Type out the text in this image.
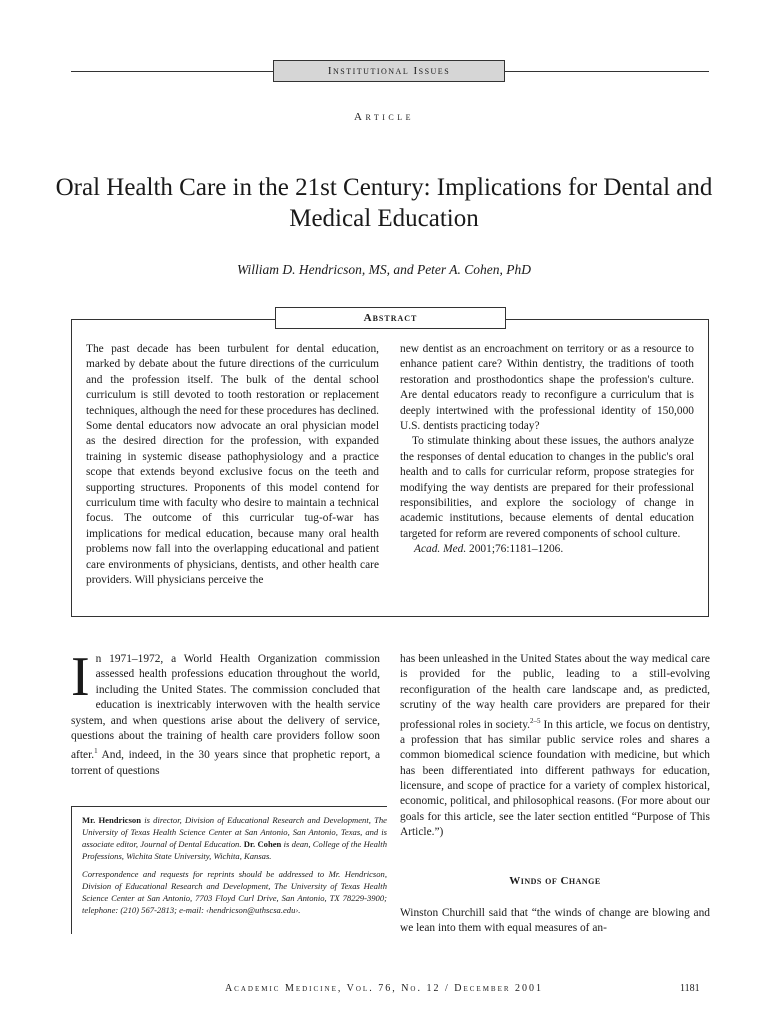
Institutional Issues
Article
Oral Health Care in the 21st Century: Implications for Dental and Medical Education
William D. Hendricson, MS, and Peter A. Cohen, PhD
Abstract

The past decade has been turbulent for dental education, marked by debate about the future directions of the curriculum and the profession itself. The bulk of the dental school curriculum is still devoted to tooth restoration or replacement techniques, although the need for these procedures has declined. Some dental educators now advocate an oral physician model as the desired direction for the profession, with expanded training in systemic disease pathophysiology and a practice scope that extends beyond exclusive focus on the teeth and supporting structures. Proponents of this model contend for curriculum time with faculty who desire to maintain a technical focus. The outcome of this curricular tug-of-war has implications for medical education, because many oral health problems now fall into the overlapping educational and patient care environments of physicians, dentists, and other health care providers. Will physicians perceive the

new dentist as an encroachment on territory or as a resource to enhance patient care? Within dentistry, the traditions of tooth restoration and prosthodontics shape the profession's culture. Are dental educators ready to reconfigure a curriculum that is deeply intertwined with the professional identity of 150,000 U.S. dentists practicing today?

To stimulate thinking about these issues, the authors analyze the responses of dental education to changes in the public's oral health and to calls for curricular reform, propose strategies for modifying the way dentists are prepared for their professional responsibilities, and explore the sociology of change in academic institutions, because elements of dental education targeted for reform are revered components of school culture.

Acad. Med. 2001;76:1181–1206.

In 1971–1972, a World Health Organization commission assessed health professions education throughout the world, including the United States. The commission concluded that education is inextricably interwoven with the health service system, and when questions arise about the delivery of service, questions about the training of health care providers follow soon after.$^1$ And, indeed, in the 30 years since that prophetic report, a torrent of questions

Mr. Hendricson is director, Division of Educational Research and Development, The University of Texas Health Science Center at San Antonio, San Antonio, Texas, and is associate editor, Journal of Dental Education. Dr. Cohen is dean, College of the Health Professions, Wichita State University, Wichita, Kansas.

Correspondence and requests for reprints should be addressed to Mr. Hendricson, Division of Educational Research and Development, The University of Texas Health Science Center at San Antonio, 7703 Floyd Curl Drive, San Antonio, TX 78229-3900; telephone: (210) 567-2813; e-mail: ‹hendricson@uthscsa.edu›.

has been unleashed in the United States about the way medical care is provided for the public, leading to a still-evolving reconfiguration of the health care landscape and, as predicted, scrutiny of the way health care providers are prepared for their professional roles in society.$^{2-5}$ In this article, we focus on dentistry, a profession that has similar public service roles and shares a common biomedical science foundation with medicine, but which has been differentiated into different pathways for education, licensure, and scope of practice for a variety of complex historical, economic, political, and philosophical reasons. (For more about our goals for this article, see the later section entitled “Purpose of This Article.”)

Winds of Change

Winston Churchill said that “the winds of change are blowing and we lean into them with equal measures of an-

Academic Medicine, Vol. 76, No. 12 / December 2001	1181
